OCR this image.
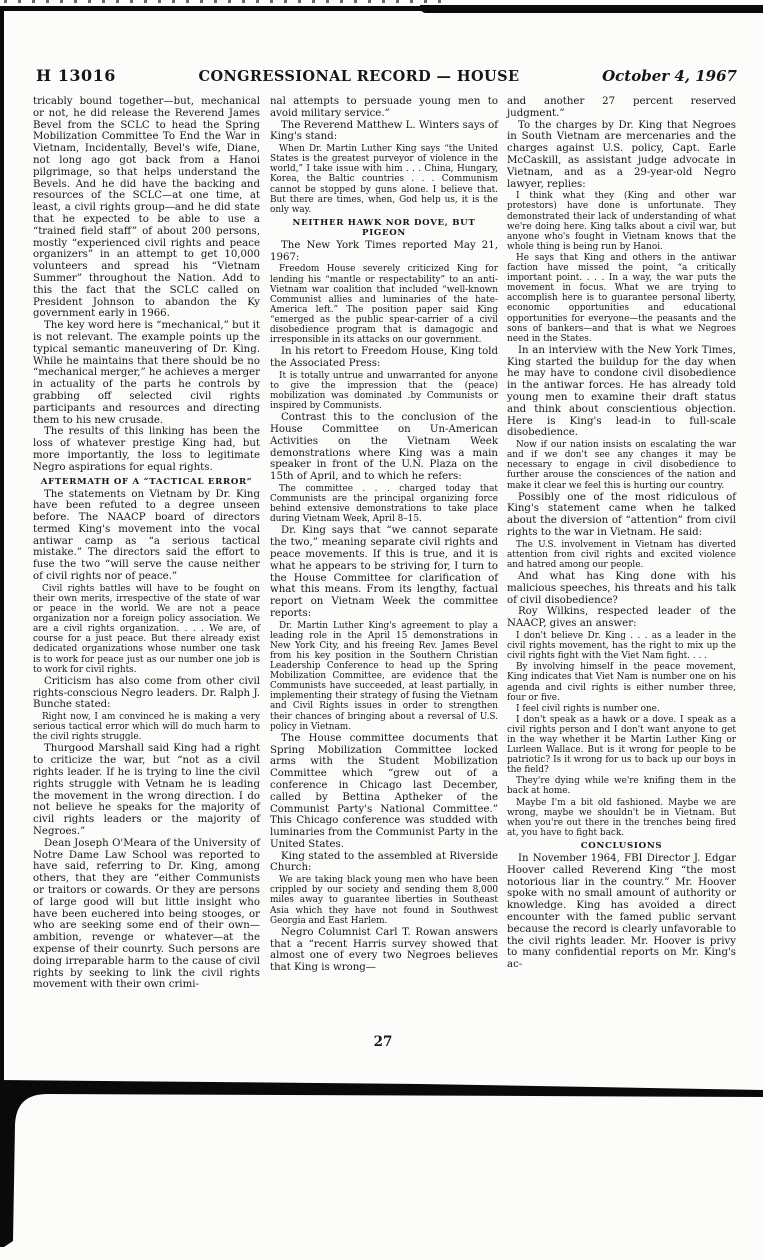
H 13016	CONGRESSIONAL RECORD — HOUSE	October 4, 1967

tricably bound together—but, mechanical or not, he did release the Reverend James Bevel from the SCLC to head the Spring Mobilization Committee To End the War in Vietnam, Incidentally, Bevel's wife, Diane, not long ago got back from a Hanoi pilgrimage, so that helps understand the Bevels. And he did have the backing and resources of the SCLC—at one time, at least, a civil rights group—and he did state that he expected to be able to use a “trained field staff” of about 200 persons, mostly “experienced civil rights and peace organizers” in an attempt to get 10,000 volunteers and spread his “Vietnam Summer” throughout the Nation. Add to this the fact that the SCLC called on President Johnson to abandon the Ky government early in 1966.

The key word here is “mechanical,” but it is not relevant. The example points up the typical semantic maneuvering of Dr. King. While he maintains that there should be no “mechanical merger,” he achieves a merger in actuality of the parts he controls by grabbing off selected civil rights participants and resources and directing them to his new crusade.

The results of this linking has been the loss of whatever prestige King had, but more importantly, the loss to legitimate Negro aspirations for equal rights.

AFTERMATH OF A “TACTICAL ERROR”

The statements on Vietnam by Dr. King have been refuted to a degree unseen before. The NAACP board of directors termed King's movement into the vocal antiwar camp as “a serious tactical mistake.” The directors said the effort to fuse the two “will serve the cause neither of civil rights nor of peace.”

Civil rights battles will have to be fought on their own merits, irrespective of the state of war or peace in the world. We are not a peace organization nor a foreign policy association. We are a civil rights organization. . . . We are, of course for a just peace. But there already exist dedicated organizations whose number one task is to work for peace just as our number one job is to work for civil rights.

Criticism has also come from other civil rights-conscious Negro leaders. Dr. Ralph J. Bunche stated:

Right now, I am convinced he is making a very serious tactical error which will do much harm to the civil rights struggle.

Thurgood Marshall said King had a right to criticize the war, but “not as a civil rights leader. If he is trying to line the civil rights struggle with Vetnam he is leading the movement in the wrong direction. I do not believe he speaks for the majority of civil rights leaders or the majority of Negroes.”

Dean Joseph O'Meara of the University of Notre Dame Law School was reported to have said, referring to Dr. King, among others, that they are “either Communists or traitors or cowards. Or they are persons of large good will but little insight who have been euchered into being stooges, or who are seeking some end of their own—ambition, revenge or whatever—at the expense of their counrty. Such persons are doing irreparable harm to the cause of civil rights by seeking to link the civil rights movement with their own crimi-

nal attempts to persuade young men to avoid military service.”

The Reverend Matthew L. Winters says of King's stand:

When Dr. Martin Luther King says “the United States is the greatest purveyor of violence in the world,” I take issue with him . . . China, Hungary, Korea, the Baltic countries . . . Communism cannot be stopped by guns alone. I believe that. But there are times, when, God help us, it is the only way.

NEITHER HAWK NOR DOVE, BUT PIGEON

The New York Times reported May 21, 1967:

Freedom House severely criticized King for lending his “mantle or respectability” to an anti-Vietnam war coalition that included “well-known Communist allies and luminaries of the hate-America left.” The position paper said King “emerged as the public spear-carrier of a civil disobedience program that is damagogic and irresponsible in its attacks on our government.

In his retort to Freedom House, King told the Associated Press:

It is totally untrue and unwarranted for anyone to give the impression that the (peace) mobilization was dominated .by Communists or inspired by Communists.

Contrast this to the conclusion of the House Committee on Un-American Activities on the Vietnam Week demonstrations where King was a main speaker in front of the U.N. Plaza on the 15th of April, and to which he refers:

The committee . . . charged today that Communists are the principal organizing force behind extensive demonstrations to take place during Vietnam Week, April 8–15.

Dr. King says that “we cannot separate the two,” meaning separate civil rights and peace movements. If this is true, and it is what he appears to be striving for, I turn to the House Committee for clarification of what this means. From its lengthy, factual report on Vietnam Week the committee reports:

Dr. Martin Luther King's agreement to play a leading role in the April 15 demonstrations in New York City, and his freeing Rev. James Bevel from his key position in the Southern Christian Leadership Conference to head up the Spring Mobilization Committee, are evidence that the Communists have succeeded, at least partially, in implementing their strategy of fusing the Vietnam and Civil Rights issues in order to strengthen their chances of bringing about a reversal of U.S. policy in Vietnam.

The House committee documents that Spring Mobilization Committee locked arms with the Student Mobilization Committee which “grew out of a conference in Chicago last December, called by Bettina Aptheker of the Communist Party's National Committee.” This Chicago conference was studded with luminaries from the Communist Party in the United States.

King stated to the assembled at Riverside Church:

We are taking black young men who have been crippled by our society and sending them 8,000 miles away to guarantee liberties in Southeast Asia which they have not found in Southwest Georgia and East Harlem.

Negro Columnist Carl T. Rowan answers that a “recent Harris survey showed that almost one of every two Negroes believes that King is wrong—

and another 27 percent reserved judgment.”

To the charges by Dr. King that Negroes in South Vietnam are mercenaries and the charges against U.S. policy, Capt. Earle McCaskill, as assistant judge advocate in Vietnam, and as a 29-year-old Negro lawyer, replies:

I think what they (King and other war protestors) have done is unfortunate. They demonstrated their lack of understanding of what we're doing here. King talks about a civil war, but anyone who's fought in Vietnam knows that the whole thing is being run by Hanoi.

He says that King and others in the antiwar faction have missed the point, “a critically important point. . . . In a way, the war puts the movement in focus. What we are trying to accomplish here is to guarantee personal liberty, economic opportunities and educational opportunities for everyone—the peasants and the sons of bankers—and that is what we Negroes need in the States.

In an interview with the New York Times, King started the buildup for the day when he may have to condone civil disobedience in the antiwar forces. He has already told young men to examine their draft status and think about conscientious objection. Here is King's lead-in to full-scale disobedience.

Now if our nation insists on escalating the war and if we don't see any changes it may be necessary to engage in civil disobedience to further arouse the consciences of the nation and make it clear we feel this is hurting our country.

Possibly one of the most ridiculous of King's statement came when he talked about the diversion of “attention” from civil rights to the war in Vietnam. He said:

The U.S. involvement in Vietnam has diverted attention from civil rights and excited violence and hatred among our people.

And what has King done with his malicious speeches, his threats and his talk of civil disobedience?

Roy Wilkins, respected leader of the NAACP, gives an answer:

I don't believe Dr. King . . . as a leader in the civil rights movement, has the right to mix up the civil rights fight with the Viet Nam fight. . . .

By involving himself in the peace movement, King indicates that Viet Nam is number one on his agenda and civil rights is either number three, four or five.

I feel civil rights is number one.

I don't speak as a hawk or a dove. I speak as a civil rights person and I don't want anyone to get in the way whether it be Martin Luther King or Lurleen Wallace. But is it wrong for people to be patriotic? Is it wrong for us to back up our boys in the field?

They're dying while we're knifing them in the back at home.

Maybe I'm a bit old fashioned. Maybe we are wrong, maybe we shouldn't be in Vietnam. But when you're out there in the trenches being fired at, you have to fight back.

CONCLUSIONS

In November 1964, FBI Director J. Edgar Hoover called Reverend King “the most notorious liar in the country.” Mr. Hoover spoke with no small amount of authority or knowledge. King has avoided a direct encounter with the famed public servant because the record is clearly unfavorable to the civil rights leader. Mr. Hoover is privy to many confidential reports on Mr. King's ac-

27
